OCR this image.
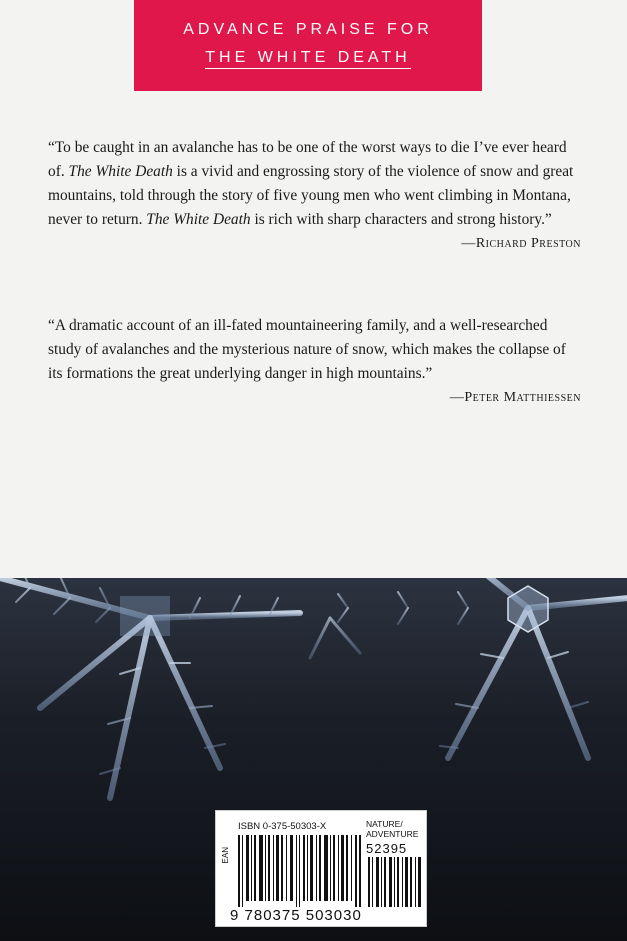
ADVANCE PRAISE FOR
THE WHITE DEATH
“To be caught in an avalanche has to be one of the worst ways to die I’ve ever heard of. The White Death is a vivid and engrossing story of the violence of snow and great mountains, told through the story of five young men who went climbing in Montana, never to return. The White Death is rich with sharp characters and strong history.”
—Richard Preston
“A dramatic account of an ill-fated mountaineering family, and a well-researched study of avalanches and the mysterious nature of snow, which makes the collapse of its formations the great underlying danger in high mountains.”
—Peter Matthiessen
ISBN 0-375-50303-X	NATURE/
ADVENTURE
52395
EAN
9 780375 503030
